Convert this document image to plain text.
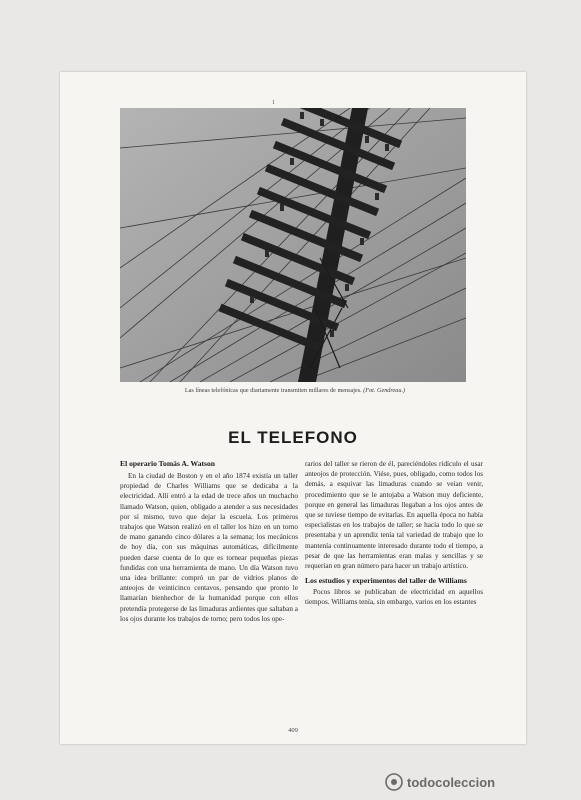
1
Las líneas telefónicas que diariamente transmiten millares de mensajes. (Fot. Gendreau.)
EL TELEFONO
El operario Tomás A. Watson

En la ciudad de Boston y en el año 1874 existía un taller propiedad de Charles Williams que se dedicaba a la electricidad. Allí entró a la edad de trece años un muchacho llamado Watson, quien, obligado a atender a sus necesidades por sí mismo, tuvo que dejar la escuela. Los primeros trabajos que Watson realizó en el taller los hizo en un torno de mano ganando cinco dólares a la semana; los mecánicos de hoy día, con sus máquinas automáticas, difícilmente pueden darse cuenta de lo que es tornear pequeñas piezas fundidas con una herramienta de mano. Un día Watson tuvo una idea brillante: compró un par de vidrios planos de anteojos de veinticinco centavos, pensando que pronto le llamarían bienhechor de la humanidad porque con ellos pretendía protegerse de las limaduras ardientes que saltaban a los ojos durante los trabajos de torno; pero todos los ope-

rarios del taller se rieron de él, pareciéndoles ridículo el usar anteojos de protección. Viése, pues, obligado, como todos los demás, a esquivar las limaduras cuando se veían venir, procedimiento que se le antojaba a Watson muy deficiente, porque en general las limaduras llegaban a los ojos antes de que se tuviese tiempo de evitarlas. En aquella época no había especialistas en los trabajos de taller; se hacía todo lo que se presentaba y un aprendiz tenía tal variedad de trabajo que lo mantenía continuamente interesado durante todo el tiempo, a pesar de que las herramientas eran malas y sencillas y se requerían en gran número para hacer un trabajo artístico.

Los estudios y experimentos del taller de Williams

Pocos libros se publicaban de electricidad en aquellos tiempos. Williams tenía, sin embargo, varios en los estantes

409
todocoleccion
